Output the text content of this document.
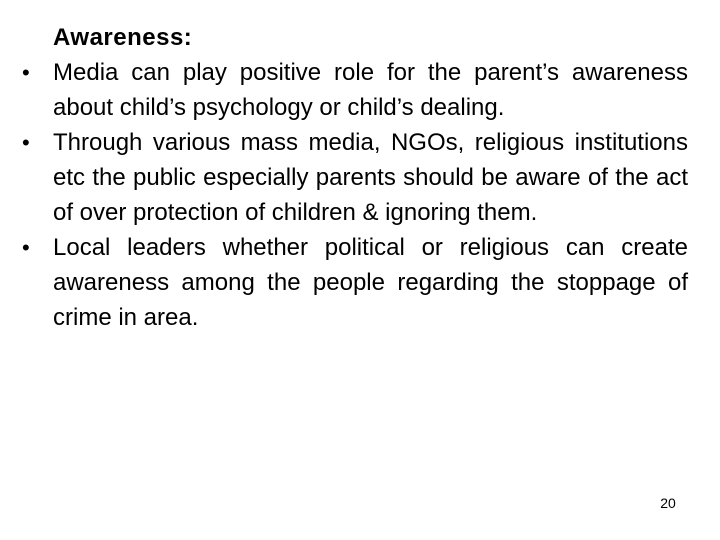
Awareness:
• Media can play positive role for the parent’s awareness about child’s psychology or child’s dealing.
• Through various mass media, NGOs, religious institutions etc the public especially parents should be aware of the act of over protection of children & ignoring them.
• Local leaders whether political or religious can create awareness among the people regarding the stoppage of crime in area.
20
